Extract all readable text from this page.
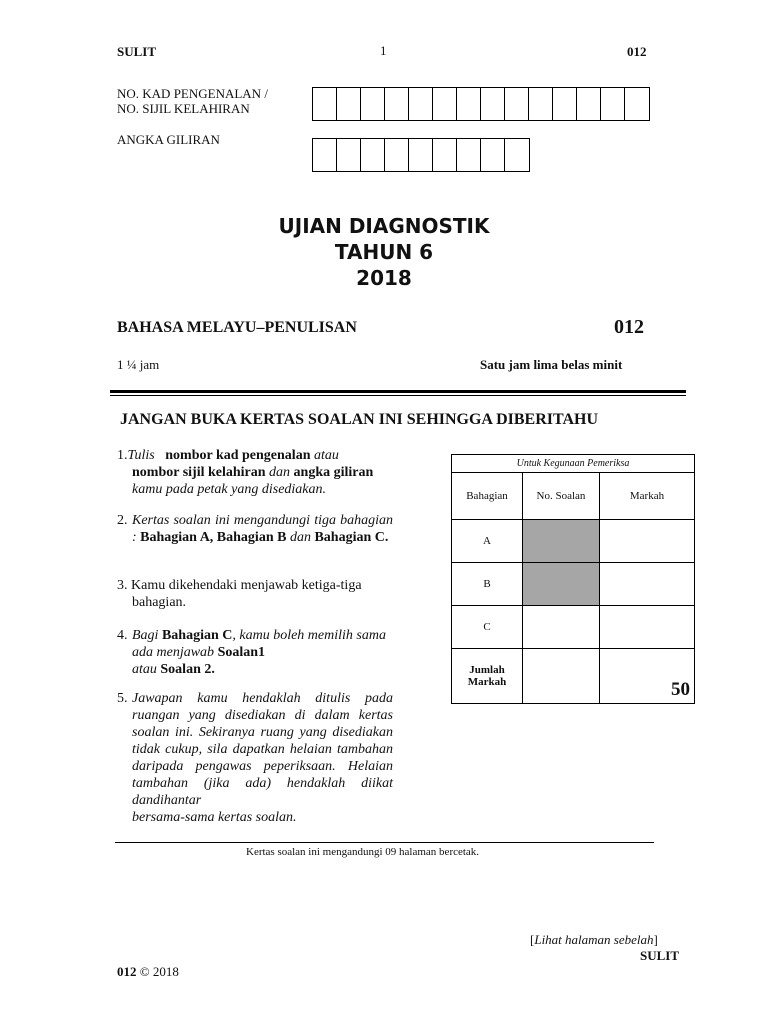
SULIT	1	012
NO. KAD PENGENALAN /
NO. SIJIL KELAHIRAN
ANGKA GILIRAN
UJIAN DIAGNOSTIK
TAHUN 6
2018
BAHASA MELAYU–PENULISAN	012
1 ¼ jam	Satu jam lima belas minit
JANGAN BUKA KERTAS SOALAN INI SEHINGGA DIBERITAHU
1.Tulis nombor kad pengenalan atau
nombor sijil kelahiran dan angka giliran
kamu pada petak yang disediakan.
2. Kertas soalan ini mengandungi tiga bahagian : Bahagian A, Bahagian B dan Bahagian C.
3. Kamu dikehendaki menjawab ketiga-tiga
bahagian.
4. Bagi Bahagian C, kamu boleh memilih sama ada menjawab Soalan1
atau Soalan 2.
5. Jawapan kamu hendaklah ditulis pada ruangan yang disediakan di dalam kertas soalan ini. Sekiranya ruang yang disediakan tidak cukup, sila dapatkan helaian tambahan daripada pengawas peperiksaan. Helaian tambahan (jika ada) hendaklah diikat dandihantar
bersama-sama kertas soalan.
Untuk Kegunaan Pemeriksa		
Bahagian	No. Soalan	Markah
A		
B		
C		

Jumlah
Markah		50
Kertas soalan ini mengandungi 09 halaman bercetak.
[Lihat halaman sebelah]
SULIT
012 © 2018
